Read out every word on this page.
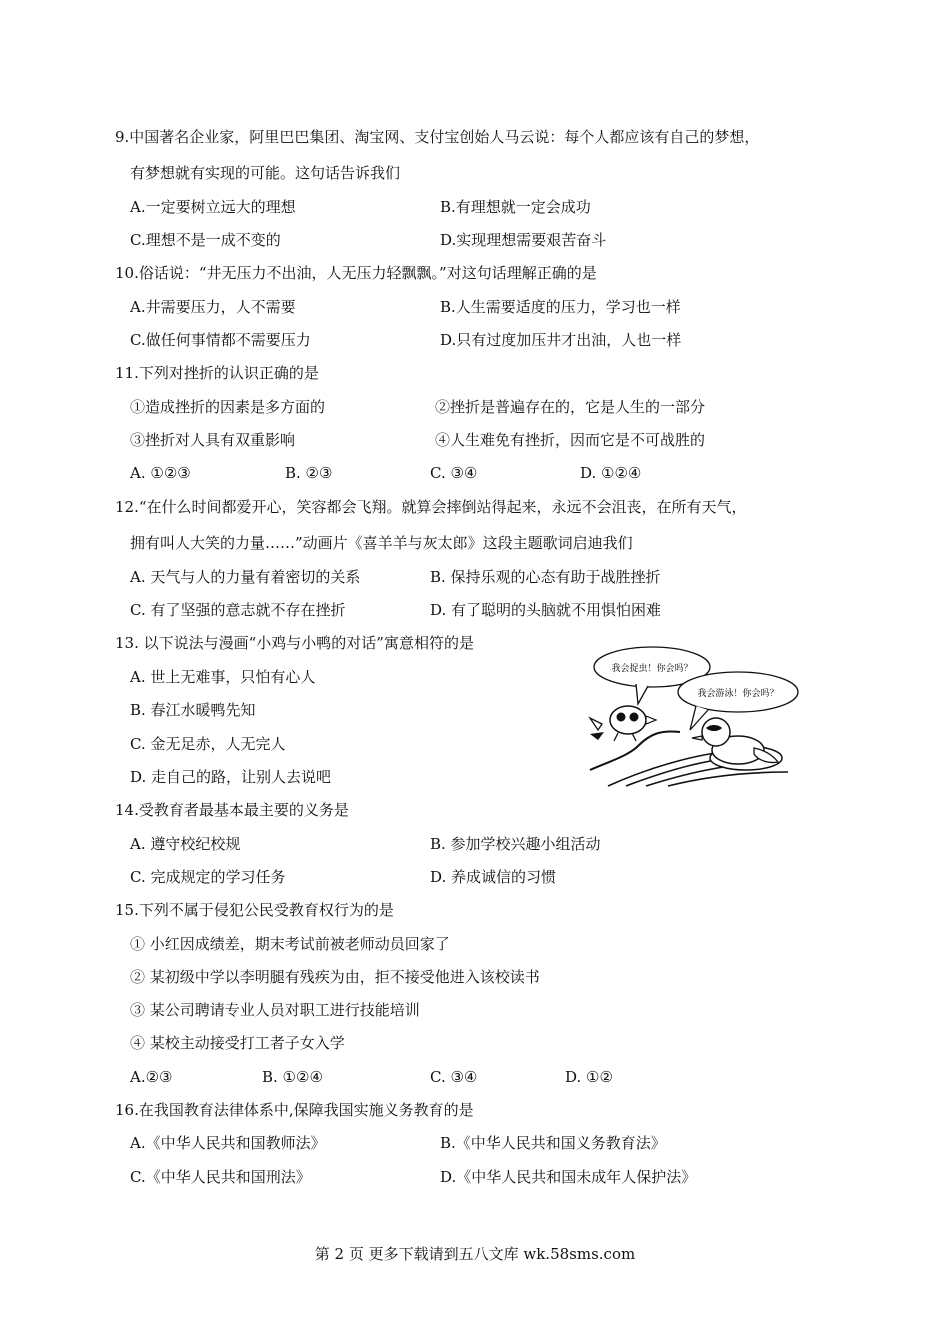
9.中国著名企业家，阿里巴巴集团、淘宝网、支付宝创始人马云说：每个人都应该有自己的梦想，
有梦想就有实现的可能。这句话告诉我们
A.一定要树立远大的理想	B.有理想就一定会成功
C.理想不是一成不变的	D.实现理想需要艰苦奋斗
10.俗话说：“井无压力不出油，人无压力轻飘飘。”对这句话理解正确的是
A.井需要压力，人不需要	B.人生需要适度的压力，学习也一样
C.做任何事情都不需要压力	D.只有过度加压井才出油，人也一样
11.下列对挫折的认识正确的是
①造成挫折的因素是多方面的	②挫折是普遍存在的，它是人生的一部分
③挫折对人具有双重影响	④人生难免有挫折，因而它是不可战胜的
A. ①②③	B. ②③	C. ③④	D. ①②④
12.“在什么时间都爱开心，笑容都会飞翔。就算会摔倒站得起来，永远不会沮丧，在所有天气，
拥有叫人大笑的力量……”动画片《喜羊羊与灰太郎》这段主题歌词启迪我们
A. 天气与人的力量有着密切的关系	B. 保持乐观的心态有助于战胜挫折
C. 有了坚强的意志就不存在挫折	D. 有了聪明的头脑就不用惧怕困难
13. 以下说法与漫画“小鸡与小鸭的对话”寓意相符的是
A. 世上无难事，只怕有心人
B. 春江水暖鸭先知
C. 金无足赤，人无完人
D. 走自己的路，让别人去说吧
我会捉虫！你会吗？
我会游泳！你会吗？
14.受教育者最基本最主要的义务是
A. 遵守校纪校规	B. 参加学校兴趣小组活动
C. 完成规定的学习任务	D. 养成诚信的习惯
15.下列不属于侵犯公民受教育权行为的是
① 小红因成绩差，期末考试前被老师动员回家了
② 某初级中学以李明腿有残疾为由，拒不接受他进入该校读书
③ 某公司聘请专业人员对职工进行技能培训
④ 某校主动接受打工者子女入学
A.②③	B. ①②④	C. ③④	D. ①②
16.在我国教育法律体系中,保障我国实施义务教育的是
A.《中华人民共和国教师法》	B.《中华人民共和国义务教育法》
C.《中华人民共和国刑法》	D.《中华人民共和国未成年人保护法》
第 2 页 更多下载请到五八文库 wk.58sms.com
